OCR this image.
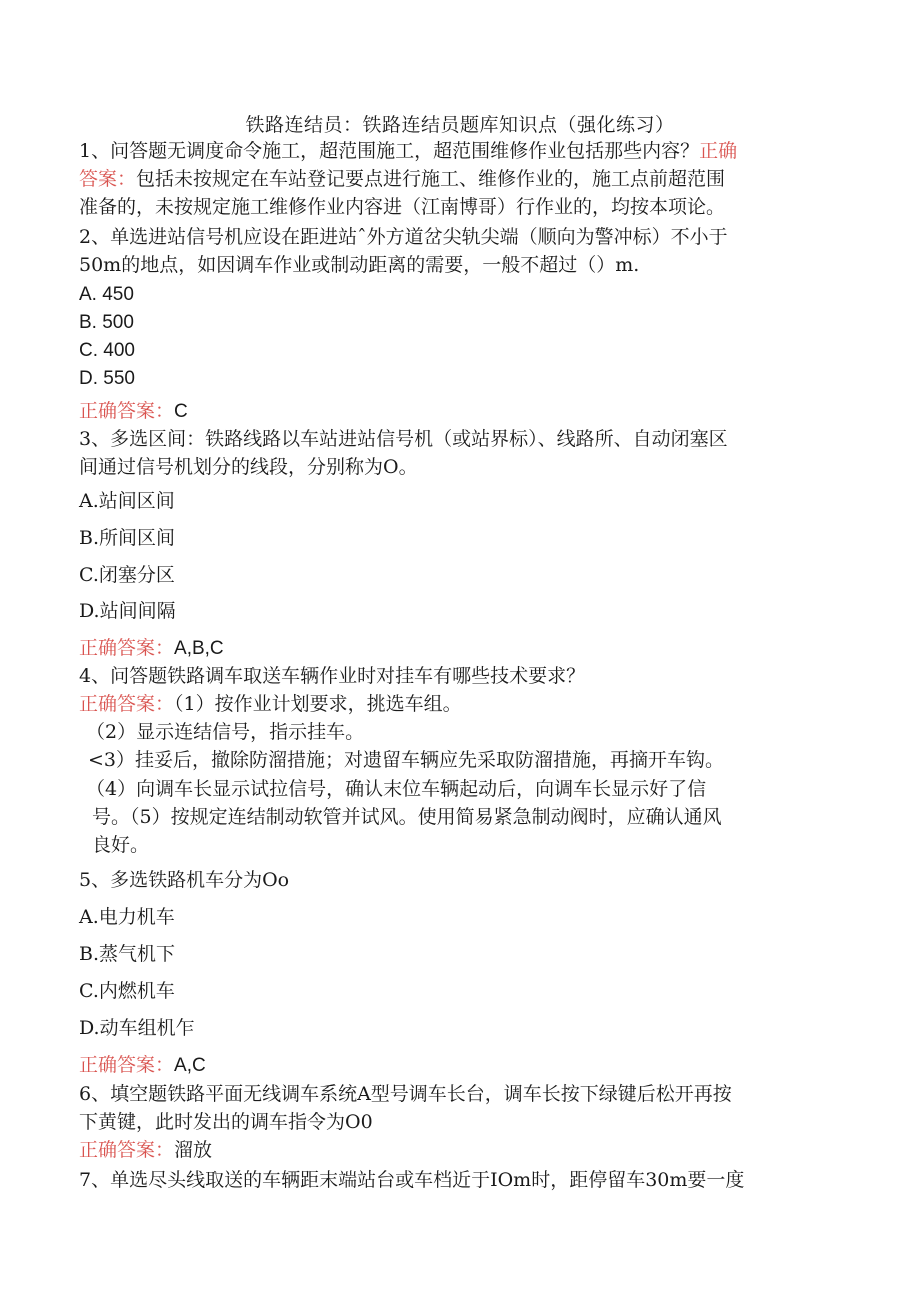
铁路连结员：铁路连结员题库知识点（强化练习）
1、问答题无调度命令施工，超范围施工，超范围维修作业包括那些内容？正确
答案：包括未按规定在车站登记要点进行施工、维修作业的，施工点前超范围
准备的，未按规定施工维修作业内容进（江南博哥）行作业的，均按本项论。
2、单选进站信号机应设在距进站ˆ外方道岔尖轨尖端（顺向为警冲标）不小于
50m的地点，如因调车作业或制动距离的需要，一般不超过（）m.
A. 450
B. 500
C. 400
D. 550
正确答案：C
3、多选区间：铁路线路以车站进站信号机（或站界标）、线路所、自动闭塞区
间通过信号机划分的线段，分别称为O。
A.站间区间
B.所间区间
C.闭塞分区
D.站间间隔
正确答案：A,B,C
4、问答题铁路调车取送车辆作业时对挂车有哪些技术要求？
正确答案：（1）按作业计划要求，挑选车组。
（2）显示连结信号，指示挂车。
<3）挂妥后，撤除防溜措施；对遗留车辆应先采取防溜措施，再摘开车钩。
（4）向调车长显示试拉信号，确认末位车辆起动后，向调车长显示好了信
号。（5）按规定连结制动软管并试风。使用简易紧急制动阀时，应确认通风
良好。
5、多选铁路机车分为Oo
A.电力机车
B.蒸气机下
C.内燃机车
D.动车组机乍
正确答案：A,C
6、填空题铁路平面无线调车系统A型号调车长台，调车长按下绿键后松开再按
下黄键，此时发出的调车指令为O0
正确答案：溜放
7、单选尽头线取送的车辆距末端站台或车档近于IOm时，距停留车30m要一度
